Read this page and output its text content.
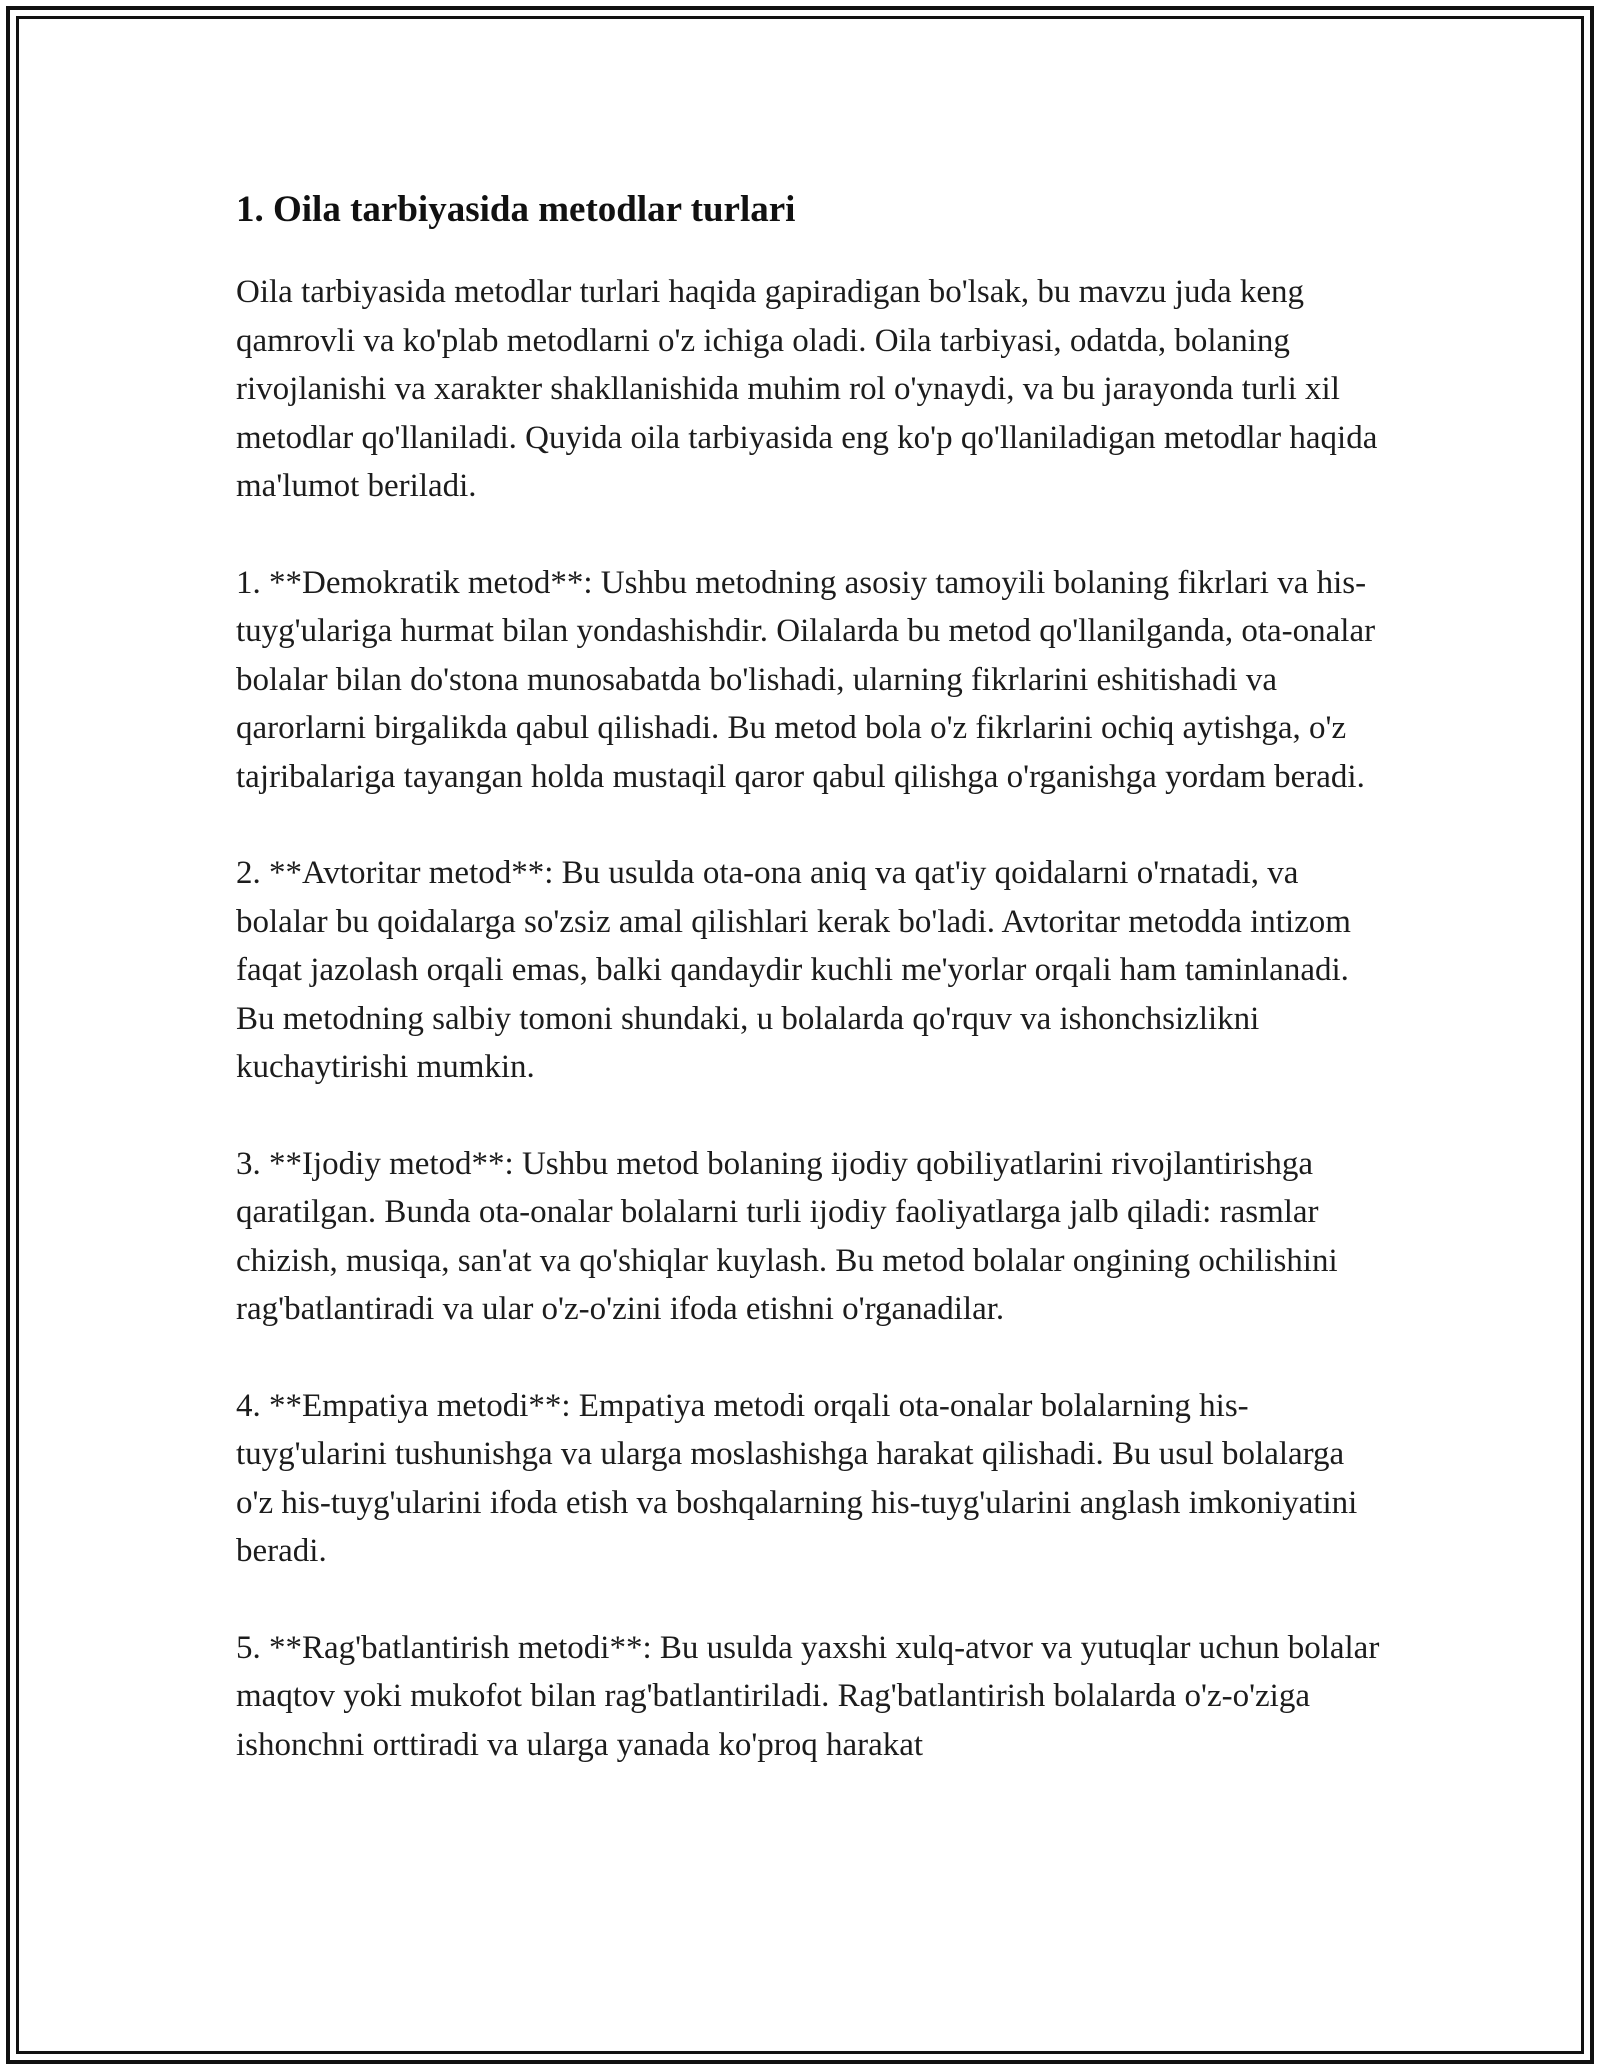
1. Oila tarbiyasida metodlar turlari

Oila tarbiyasida metodlar turlari haqida gapiradigan bo'lsak, bu mavzu juda keng qamrovli va ko'plab metodlarni o'z ichiga oladi. Oila tarbiyasi, odatda, bolaning rivojlanishi va xarakter shakllanishida muhim rol o'ynaydi, va bu jarayonda turli xil metodlar qo'llaniladi. Quyida oila tarbiyasida eng ko'p qo'llaniladigan metodlar haqida ma'lumot beriladi.

1. **Demokratik metod**: Ushbu metodning asosiy tamoyili bolaning fikrlari va his-tuyg'ulariga hurmat bilan yondashishdir. Oilalarda bu metod qo'llanilganda, ota-onalar bolalar bilan do'stona munosabatda bo'lishadi, ularning fikrlarini eshitishadi va qarorlarni birgalikda qabul qilishadi. Bu metod bola o'z fikrlarini ochiq aytishga, o'z tajribalariga tayangan holda mustaqil qaror qabul qilishga o'rganishga yordam beradi.

2. **Avtoritar metod**: Bu usulda ota-ona aniq va qat'iy qoidalarni o'rnatadi, va bolalar bu qoidalarga so'zsiz amal qilishlari kerak bo'ladi. Avtoritar metodda intizom faqat jazolash orqali emas, balki qandaydir kuchli me'yorlar orqali ham taminlanadi. Bu metodning salbiy tomoni shundaki, u bolalarda qo'rquv va ishonchsizlikni kuchaytirishi mumkin.

3. **Ijodiy metod**: Ushbu metod bolaning ijodiy qobiliyatlarini rivojlantirishga qaratilgan. Bunda ota-onalar bolalarni turli ijodiy faoliyatlarga jalb qiladi: rasmlar chizish, musiqa, san'at va qo'shiqlar kuylash. Bu metod bolalar ongining ochilishini rag'batlantiradi va ular o'z-o'zini ifoda etishni o'rganadilar.

4. **Empatiya metodi**: Empatiya metodi orqali ota-onalar bolalarning his-tuyg'ularini tushunishga va ularga moslashishga harakat qilishadi. Bu usul bolalarga o'z his-tuyg'ularini ifoda etish va boshqalarning his-tuyg'ularini anglash imkoniyatini beradi.

5. **Rag'batlantirish metodi**: Bu usulda yaxshi xulq-atvor va yutuqlar uchun bolalar maqtov yoki mukofot bilan rag'batlantiriladi. Rag'batlantirish bolalarda o'z-o'ziga ishonchni orttiradi va ularga yanada ko'proq harakat
